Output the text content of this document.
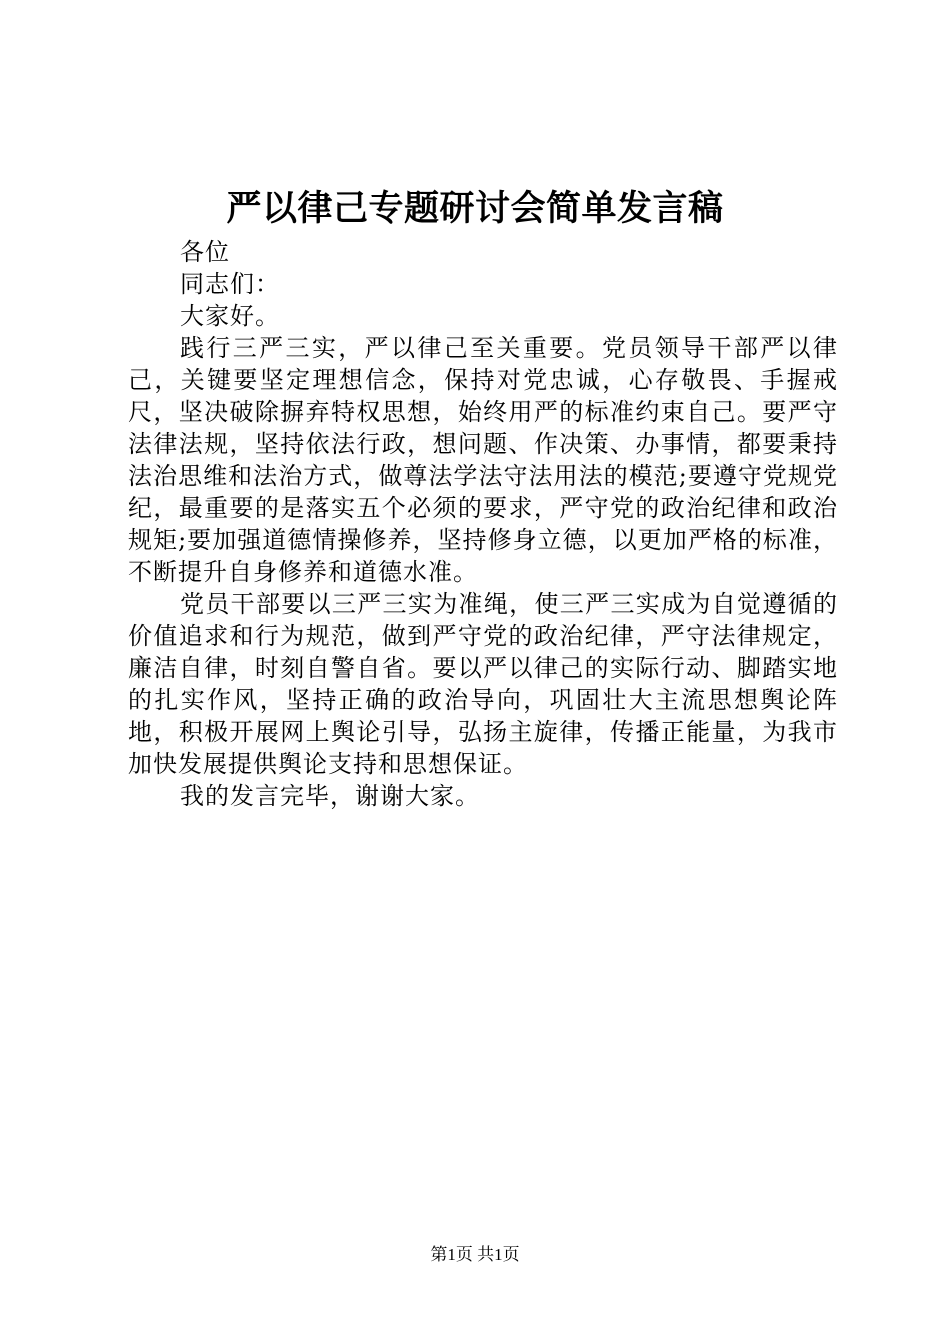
严以律己专题研讨会简单发言稿

各位

同志们：

大家好。

践行三严三实，严以律己至关重要。党员领导干部严以律己，关键要坚定理想信念，保持对党忠诚，心存敬畏、手握戒尺，坚决破除摒弃特权思想，始终用严的标准约束自己。要严守法律法规，坚持依法行政，想问题、作决策、办事情，都要秉持法治思维和法治方式，做尊法学法守法用法的模范;要遵守党规党纪，最重要的是落实五个必须的要求，严守党的政治纪律和政治规矩;要加强道德情操修养，坚持修身立德，以更加严格的标准，不断提升自身修养和道德水准。

党员干部要以三严三实为准绳，使三严三实成为自觉遵循的价值追求和行为规范，做到严守党的政治纪律，严守法律规定，廉洁自律，时刻自警自省。要以严以律己的实际行动、脚踏实地的扎实作风，坚持正确的政治导向，巩固壮大主流思想舆论阵地，积极开展网上舆论引导，弘扬主旋律，传播正能量，为我市加快发展提供舆论支持和思想保证。

我的发言完毕，谢谢大家。

第1页 共1页
